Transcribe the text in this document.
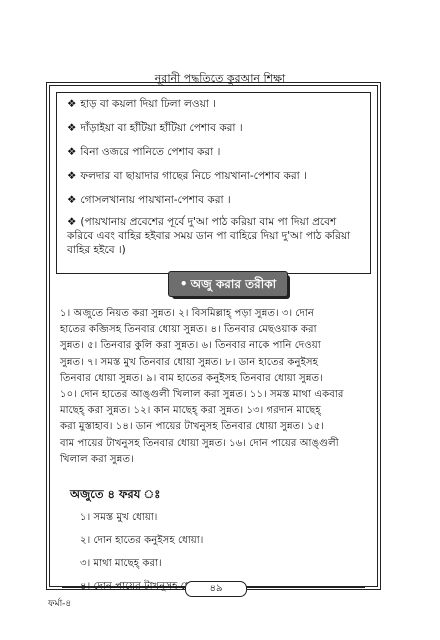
নূরানী পদ্ধতিতে কুরআন শিক্ষা
❖ হাড় বা কয়লা দিয়া ঢিলা লওয়া ।
❖ দাঁড়াইয়া বা হাঁটিয়া হাঁটিয়া পেশাব করা ।
❖ বিনা ওজরে পানিতে পেশাব করা ।
❖ ফলদার বা ছায়াদার গাছের নিচে পায়খানা-পেশাব করা ।
❖ গোসলখানায় পায়খানা-পেশাব করা ।
❖ (পায়খানায় প্রবেশের পূর্বে দু'আ পাঠ করিয়া বাম পা দিয়া প্রবেশ করিবে এবং বাহির হইবার সময় ডান পা বাহিরে দিয়া দু'আ পাঠ করিয়া বাহির হইবে ।)
• অজু করার তরীকা
১। অজুতে নিয়ত করা সুন্নত। ২। বিসমিল্লাহ্ পড়া সুন্নত। ৩। দোন
হাতের কব্জিসহ তিনবার ধোয়া সুন্নত। ৪। তিনবার মেছওয়াক করা
সুন্নত। ৫। তিনবার কুলি করা সুন্নত। ৬। তিনবার নাকে পানি দেওয়া
সুন্নত। ৭। সমস্ত মুখ তিনবার ধোয়া সুন্নত। ৮। ডান হাতের কনুইসহ
তিনবার ধোয়া সুন্নত। ৯। বাম হাতের কনুইসহ তিনবার ধোয়া সুন্নত।
১০। দোন হাতের আঙ্গুলী খিলাল করা সুন্নত। ১১। সমস্ত মাথা একবার
মাছেহ্ করা সুন্নত। ১২। কান মাছেহ্ করা সুন্নত। ১৩। গরদান মাছেহ্
করা মুস্তাহাব। ১৪। ডান পায়ের টাখনুসহ তিনবার ধোয়া সুন্নত। ১৫।
বাম পায়ের টাখনুসহ তিনবার ধোয়া সুন্নত। ১৬। দোন পায়ের আঙ্গুলী
খিলাল করা সুন্নত।
অজুতে ৪ ফরয ঃ
১। সমস্ত মুখ ধোয়া।
২। দোন হাতের কনুইসহ ধোয়া।
৩। মাথা মাছেহ্ করা।
৪৯
ফর্মা-৪
